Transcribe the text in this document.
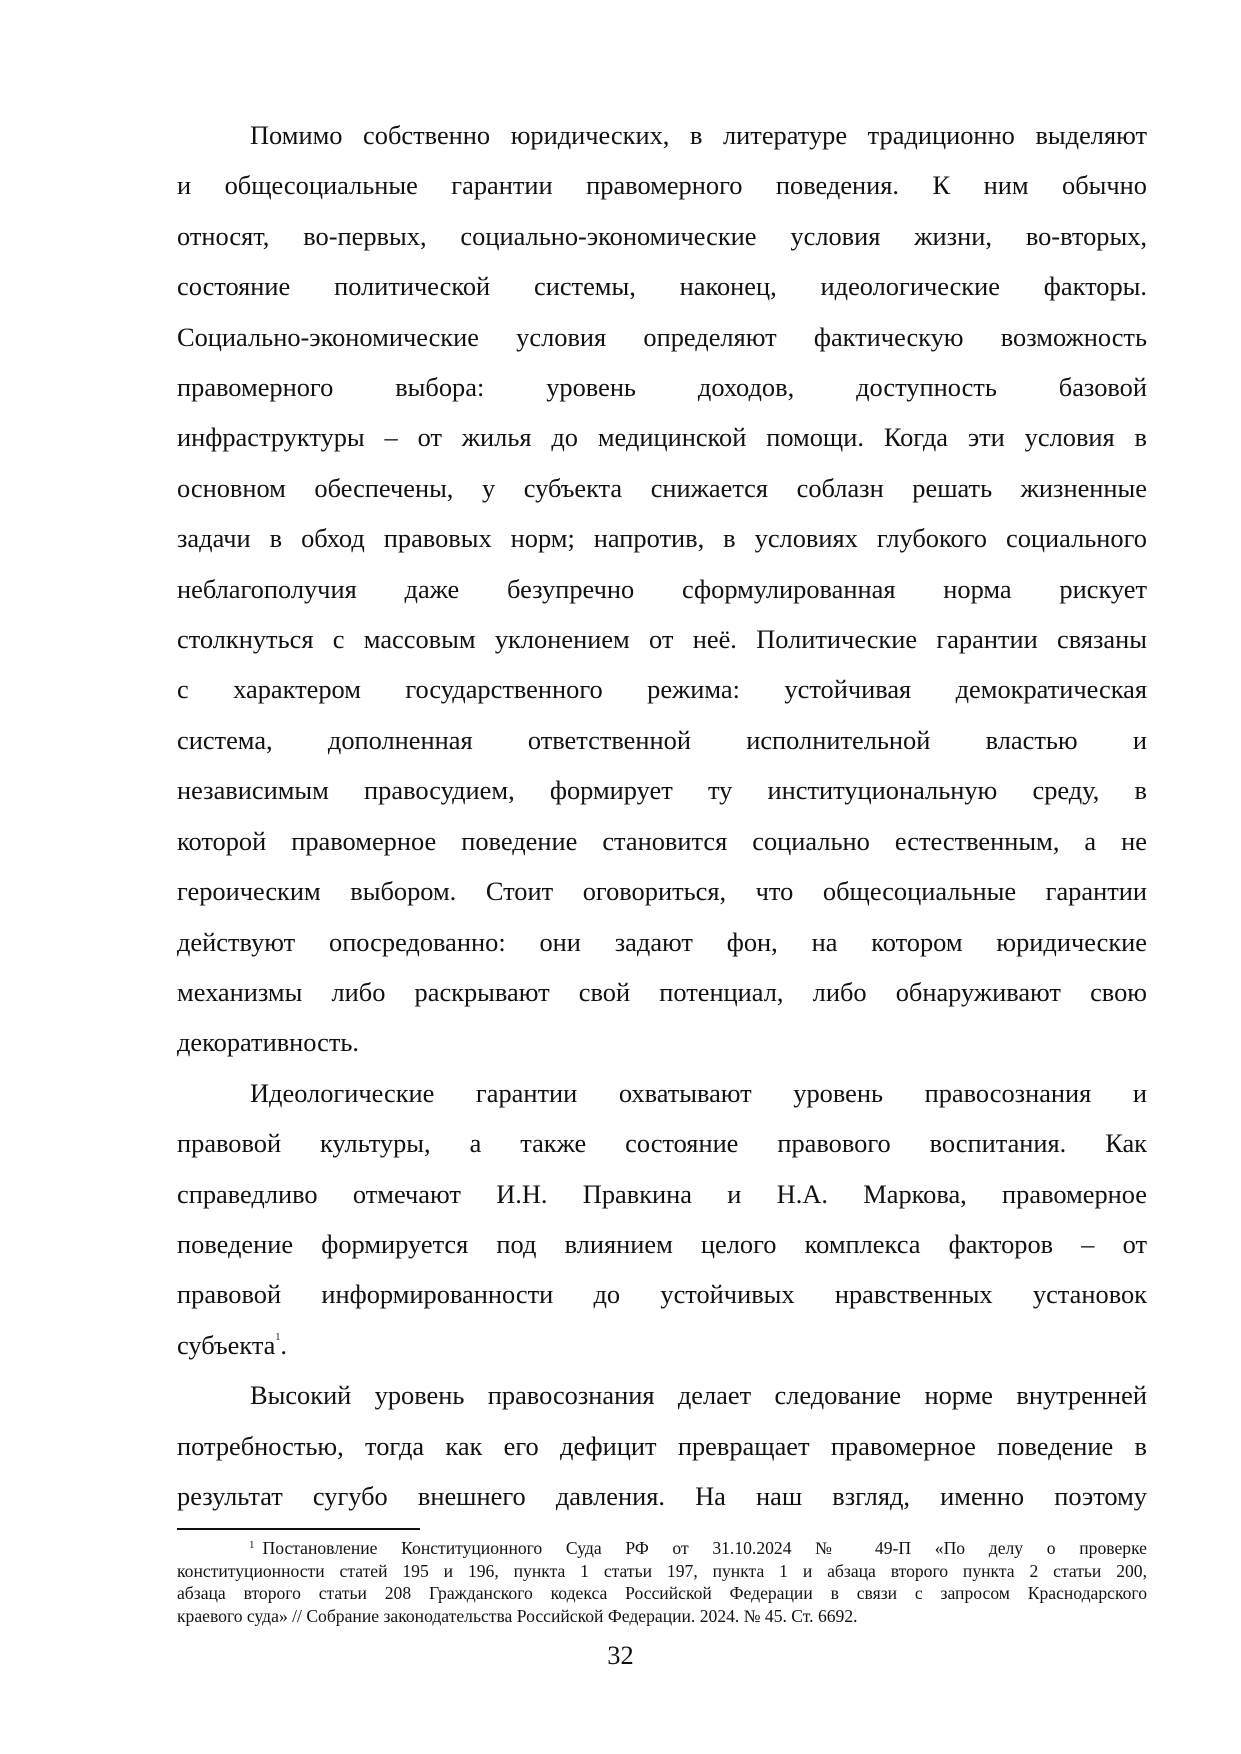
Помимо собственно юридических, в литературе традиционно выделяют
и общесоциальные гарантии правомерного поведения. К ним обычно
относят, во-первых, социально-экономические условия жизни, во-вторых,
состояние политической системы, наконец, идеологические факторы.
Социально-экономические условия определяют фактическую возможность
правомерного выбора: уровень доходов, доступность базовой
инфраструктуры – от жилья до медицинской помощи. Когда эти условия в
основном обеспечены, у субъекта снижается соблазн решать жизненные
задачи в обход правовых норм; напротив, в условиях глубокого социального
неблагополучия даже безупречно сформулированная норма рискует
столкнуться с массовым уклонением от неё. Политические гарантии связаны
с характером государственного режима: устойчивая демократическая
система, дополненная ответственной исполнительной властью и
независимым правосудием, формирует ту институциональную среду, в
которой правомерное поведение становится социально естественным, а не
героическим выбором. Стоит оговориться, что общесоциальные гарантии
действуют опосредованно: они задают фон, на котором юридические
механизмы либо раскрывают свой потенциал, либо обнаруживают свою
декоративность.
Идеологические гарантии охватывают уровень правосознания и
правовой культуры, а также состояние правового воспитания. Как
справедливо отмечают И.Н. Правкина и Н.А. Маркова, правомерное
поведение формируется под влиянием целого комплекса факторов – от
правовой информированности до устойчивых нравственных установок
субъекта$^1$.
Высокий уровень правосознания делает следование норме внутренней
потребностью, тогда как его дефицит превращает правомерное поведение в
результат сугубо внешнего давления. На наш взгляд, именно поэтому
$^1$ Постановление Конституционного Суда РФ от 31.10.2024 № 49-П «По делу о проверке
конституционности статей 195 и 196, пункта 1 статьи 197, пункта 1 и абзаца второго пункта 2 статьи 200,
абзаца второго статьи 208 Гражданского кодекса Российской Федерации в связи с запросом Краснодарского
краевого суда» // Собрание законодательства Российской Федерации. 2024. № 45. Ст. 6692.
32
